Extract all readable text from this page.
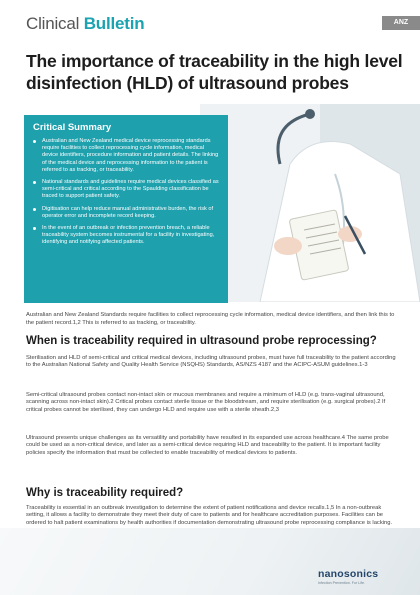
Clinical Bulletin	ANZ
The importance of traceability in the high level disinfection (HLD) of ultrasound probes
Critical Summary
Australian and New Zealand medical device reprocessing standards require facilities to collect reprocessing cycle information, medical device identifiers, procedure information and patient details. The linking of the medical device and reprocessing information to the patient is referred to as tracking, or traceability.
National standards and guidelines require medical devices classified as semi-critical and critical according to the Spaulding classification be traced to support patient safety.
Digitisation can help reduce manual administrative burden, the risk of operator error and incomplete record keeping.
In the event of an outbreak or infection prevention breach, a reliable traceability system becomes instrumental for a facility in investigating, identifying and notifying affected patients.

Australian and New Zealand Standards require facilities to collect reprocessing cycle information, medical device identifiers, and then link this to the patient record.1,2 This is referred to as tracking, or traceability.

When is traceability required in ultrasound probe reprocessing?

Sterilisation and HLD of semi-critical and critical medical devices, including ultrasound probes, must have full traceability to the patient according to the Australian National Safety and Quality Health Service (NSQHS) Standards, AS/NZS 4187 and the ACIPC-ASUM guidelines.1-3

Semi-critical ultrasound probes contact non-intact skin or mucous membranes and require a minimum of HLD (e.g. trans-vaginal ultrasound, scanning across non-intact skin).2 Critical probes contact sterile tissue or the bloodstream, and require sterilisation (e.g. surgical probes).2 If critical probes cannot be sterilised, they can undergo HLD and require use with a sterile sheath.2,3

Ultrasound presents unique challenges as its versatility and portability have resulted in its expanded use across healthcare.4 The same probe could be used as a non-critical device, and later as a semi-critical device requiring HLD and traceability to the patient. It is important facility policies specify the information that must be collected to enable traceability of medical devices to patients.

Why is traceability required?

Traceability is essential in an outbreak investigation to determine the extent of patient notifications and device recalls.1,5 In a non-outbreak setting, it allows a facility to demonstrate they meet their duty of care to patients and for healthcare accreditation purposes. Facilities can be ordered to halt patient examinations by health authorities if documentation demonstrating ultrasound probe reprocessing compliance is lacking.

nanosonics
Infection Prevention. For Life.
